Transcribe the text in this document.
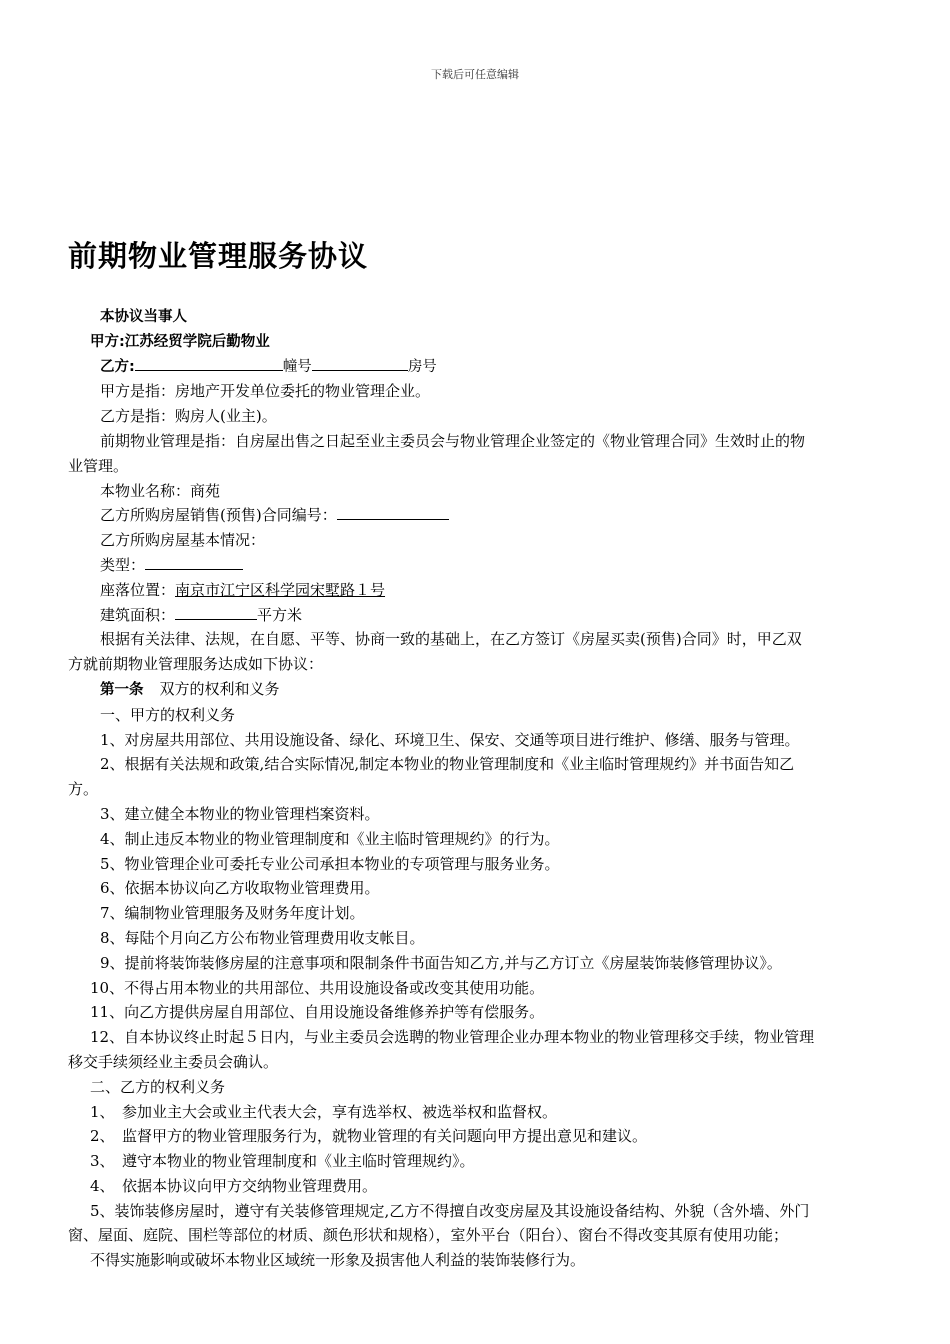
下载后可任意编辑
前期物业管理服务协议

本协议当事人

甲方:江苏经贸学院后勤物业

乙方:	幢号	房号

甲方是指：房地产开发单位委托的物业管理企业。

乙方是指：购房人(业主)。

前期物业管理是指：自房屋出售之日起至业主委员会与物业管理企业签定的《物业管理合同》生效时止的物

业管理。

本物业名称：商苑

乙方所购房屋销售(预售)合同编号：

乙方所购房屋基本情况：

类型：

座落位置：南京市江宁区科学园宋墅路１号

建筑面积：	平方米

根据有关法律、法规，在自愿、平等、协商一致的基础上，在乙方签订《房屋买卖(预售)合同》时，甲乙双

方就前期物业管理服务达成如下协议：

第一条 双方的权利和义务

一、甲方的权利义务

1、对房屋共用部位、共用设施设备、绿化、环境卫生、保安、交通等项目进行维护、修缮、服务与管理。

2、根据有关法规和政策,结合实际情况,制定本物业的物业管理制度和《业主临时管理规约》并书面告知乙

方。

3、建立健全本物业的物业管理档案资料。

4、制止违反本物业的物业管理制度和《业主临时管理规约》的行为。

5、物业管理企业可委托专业公司承担本物业的专项管理与服务业务。

6、依据本协议向乙方收取物业管理费用。

7、编制物业管理服务及财务年度计划。

8、每陆个月向乙方公布物业管理费用收支帐目。

9、提前将装饰装修房屋的注意事项和限制条件书面告知乙方,并与乙方订立《房屋装饰装修管理协议》。

10、不得占用本物业的共用部位、共用设施设备或改变其使用功能。

11、向乙方提供房屋自用部位、自用设施设备维修养护等有偿服务。

12、自本协议终止时起５日内，与业主委员会选聘的物业管理企业办理本物业的物业管理移交手续，物业管理

移交手续须经业主委员会确认。

二、乙方的权利义务

1、　参加业主大会或业主代表大会，享有选举权、被选举权和监督权。

2、　监督甲方的物业管理服务行为，就物业管理的有关问题向甲方提出意见和建议。

3、　遵守本物业的物业管理制度和《业主临时管理规约》。

4、　依据本协议向甲方交纳物业管理费用。

5、装饰装修房屋时，遵守有关装修管理规定,乙方不得擅自改变房屋及其设施设备结构、外貌（含外墙、外门

窗、屋面、庭院、围栏等部位的材质、颜色形状和规格），室外平台（阳台）、窗台不得改变其原有使用功能；

不得实施影响或破坏本物业区域统一形象及损害他人利益的装饰装修行为。
